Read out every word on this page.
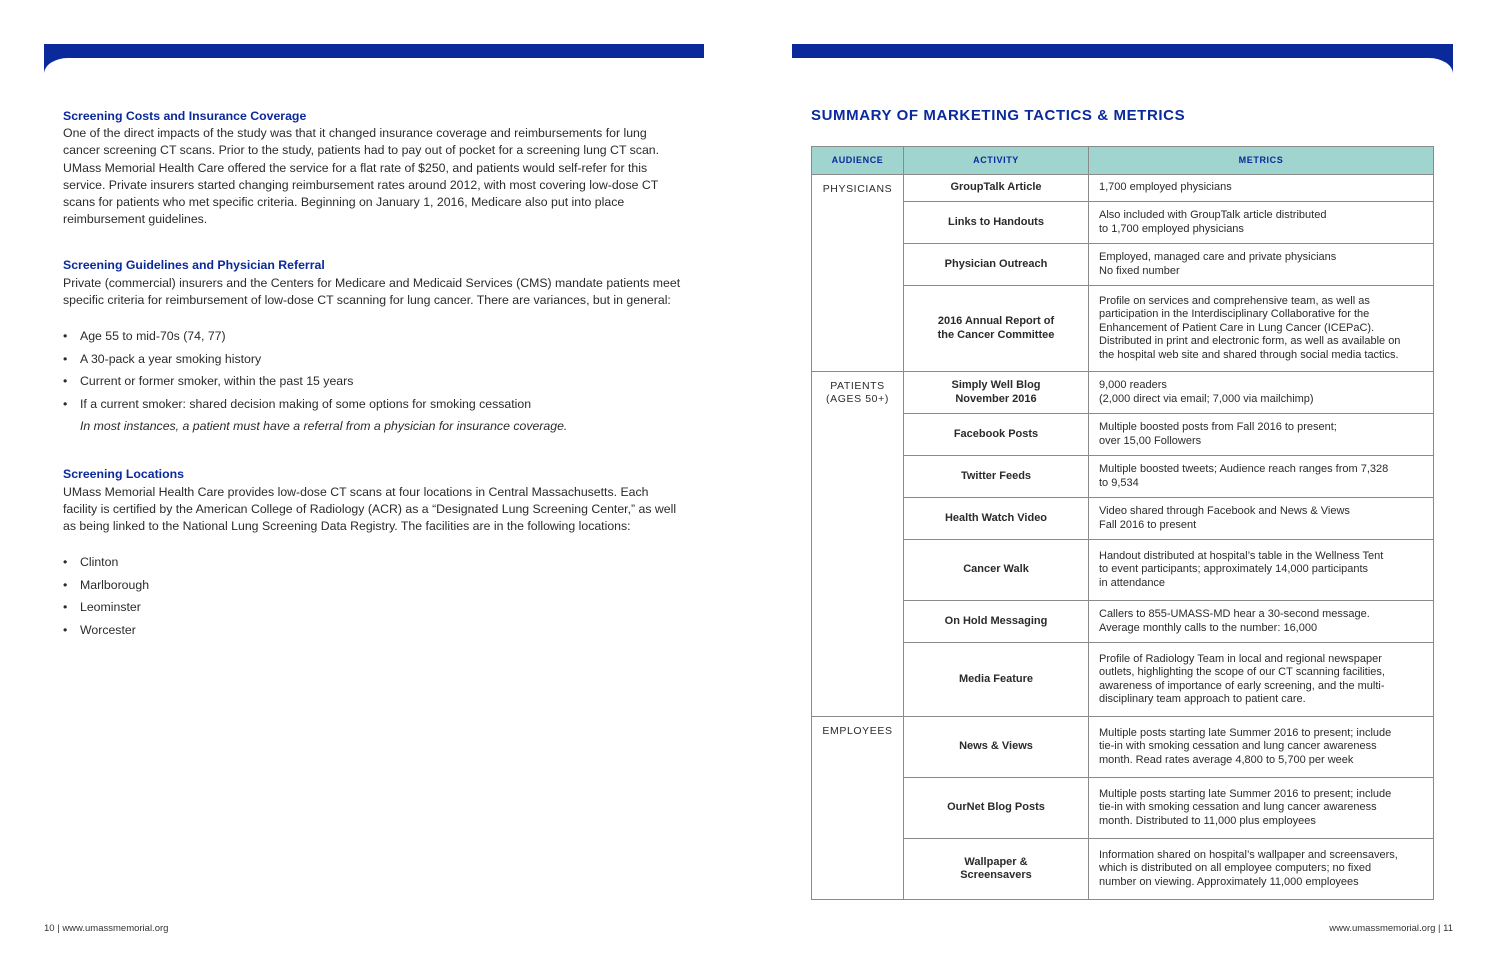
Screening Costs and Insurance Coverage

One of the direct impacts of the study was that it changed insurance coverage and reimbursements for lung cancer screening CT scans. Prior to the study, patients had to pay out of pocket for a screening lung CT scan. UMass Memorial Health Care offered the service for a flat rate of $250, and patients would self-refer for this service. Private insurers started changing reimbursement rates around 2012, with most covering low-dose CT scans for patients who met specific criteria. Beginning on January 1, 2016, Medicare also put into place reimbursement guidelines.

Screening Guidelines and Physician Referral

Private (commercial) insurers and the Centers for Medicare and Medicaid Services (CMS) mandate patients meet specific criteria for reimbursement of low-dose CT scanning for lung cancer. There are variances, but in general:

• Age 55 to mid-70s (74, 77)
• A 30-pack a year smoking history
• Current or former smoker, within the past 15 years
• If a current smoker: shared decision making of some options for smoking cessation
In most instances, a patient must have a referral from a physician for insurance coverage.
Screening Locations

UMass Memorial Health Care provides low-dose CT scans at four locations in Central Massachusetts. Each facility is certified by the American College of Radiology (ACR) as a “Designated Lung Screening Center,” as well as being linked to the National Lung Screening Data Registry. The facilities are in the following locations:

• Clinton
• Marlborough
• Leominster
• Worcester
10 | www.umassmemorial.org	www.umassmemorial.org | 11
SUMMARY OF MARKETING TACTICS & METRICS
AUDIENCE	ACTIVITY	METRICS
PHYSICIANS	GroupTalk Article	1,700 employed physicians
	Links to Handouts	Also included with GroupTalk article distributed
to 1,700 employed physicians
	Physician Outreach	Employed, managed care and private physicians
No fixed number
	2016 Annual Report of
the Cancer Committee	Profile on services and comprehensive team, as well as
participation in the Interdisciplinary Collaborative for the
Enhancement of Patient Care in Lung Cancer (ICEPaC).
Distributed in print and electronic form, as well as available on
the hospital web site and shared through social media tactics.
PATIENTS
(AGES 50+)	Simply Well Blog
November 2016	9,000 readers
(2,000 direct via email; 7,000 via mailchimp)
	Facebook Posts	Multiple boosted posts from Fall 2016 to present;
over 15,00 Followers
	Twitter Feeds	Multiple boosted tweets; Audience reach ranges from 7,328
to 9,534
	Health Watch Video	Video shared through Facebook and News & Views
Fall 2016 to present
	Cancer Walk	Handout distributed at hospital’s table in the Wellness Tent
to event participants; approximately 14,000 participants
in attendance
	On Hold Messaging	Callers to 855-UMASS-MD hear a 30-second message.
Average monthly calls to the number: 16,000
	Media Feature	Profile of Radiology Team in local and regional newspaper
outlets, highlighting the scope of our CT scanning facilities,
awareness of importance of early screening, and the multi-
disciplinary team approach to patient care.
EMPLOYEES	News & Views	Multiple posts starting late Summer 2016 to present; include
tie-in with smoking cessation and lung cancer awareness
month. Read rates average 4,800 to 5,700 per week
	OurNet Blog Posts	Multiple posts starting late Summer 2016 to present; include
tie-in with smoking cessation and lung cancer awareness
month. Distributed to 11,000 plus employees
	Wallpaper &
Screensavers	Information shared on hospital’s wallpaper and screensavers,
which is distributed on all employee computers; no fixed
number on viewing. Approximately 11,000 employees
